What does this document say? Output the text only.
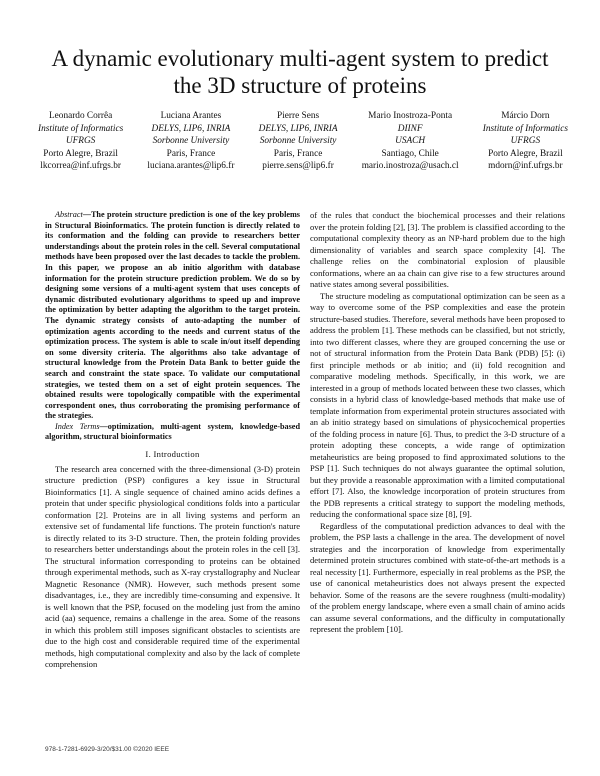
A dynamic evolutionary multi-agent system to predict the 3D structure of proteins
Leonardo Corrêa
Institute of Informatics
UFRGS
Porto Alegre, Brazil
lkcorrea@inf.ufrgs.br
Luciana Arantes
DELYS, LIP6, INRIA
Sorbonne University
Paris, France
luciana.arantes@lip6.fr
Pierre Sens
DELYS, LIP6, INRIA
Sorbonne University
Paris, France
pierre.sens@lip6.fr
Mario Inostroza-Ponta
DIINF
USACH
Santiago, Chile
mario.inostroza@usach.cl
Márcio Dorn
Institute of Informatics
UFRGS
Porto Alegre, Brazil
mdorn@inf.ufrgs.br

Abstract—The protein structure prediction is one of the key problems in Structural Bioinformatics. The protein function is directly related to its conformation and the folding can provide to researchers better understandings about the protein roles in the cell. Several computational methods have been proposed over the last decades to tackle the problem. In this paper, we propose an ab initio algorithm with database information for the protein structure prediction problem. We do so by designing some versions of a multi-agent system that uses concepts of dynamic distributed evolutionary algorithms to speed up and improve the optimization by better adapting the algorithm to the target protein. The dynamic strategy consists of auto-adapting the number of optimization agents according to the needs and current status of the optimization process. The system is able to scale in/out itself depending on some diversity criteria. The algorithms also take advantage of structural knowledge from the Protein Data Bank to better guide the search and constraint the state space. To validate our computational strategies, we tested them on a set of eight protein sequences. The obtained results were topologically compatible with the experimental correspondent ones, thus corroborating the promising performance of the strategies.

Index Terms—optimization, multi-agent system, knowledge-based algorithm, structural bioinformatics

I. Introduction

The research area concerned with the three-dimensional (3-D) protein structure prediction (PSP) configures a key issue in Structural Bioinformatics [1]. A single sequence of chained amino acids defines a protein that under specific physiological conditions folds into a particular conformation [2]. Proteins are in all living systems and perform an extensive set of fundamental life functions. The protein function's nature is directly related to its 3-D structure. Then, the protein folding provides to researchers better understandings about the protein roles in the cell [3]. The structural information corresponding to proteins can be obtained through experimental methods, such as X-ray crystallography and Nuclear Magnetic Resonance (NMR). However, such methods present some disadvantages, i.e., they are incredibly time-consuming and expensive. It is well known that the PSP, focused on the modeling just from the amino acid (aa) sequence, remains a challenge in the area. Some of the reasons in which this problem still imposes significant obstacles to scientists are due to the high cost and considerable required time of the experimental methods, high computational complexity and also by the lack of complete comprehension

of the rules that conduct the biochemical processes and their relations over the protein folding [2], [3]. The problem is classified according to the computational complexity theory as an NP-hard problem due to the high dimensionality of variables and search space complexity [4]. The challenge relies on the combinatorial explosion of plausible conformations, where an aa chain can give rise to a few structures around native states among several possibilities.

The structure modeling as computational optimization can be seen as a way to overcome some of the PSP complexities and ease the protein structure-based studies. Therefore, several methods have been proposed to address the problem [1]. These methods can be classified, but not strictly, into two different classes, where they are grouped concerning the use or not of structural information from the Protein Data Bank (PDB) [5]: (i) first principle methods or ab initio; and (ii) fold recognition and comparative modeling methods. Specifically, in this work, we are interested in a group of methods located between these two classes, which consists in a hybrid class of knowledge-based methods that make use of template information from experimental protein structures associated with an ab initio strategy based on simulations of physicochemical properties of the folding process in nature [6]. Thus, to predict the 3-D structure of a protein adopting these concepts, a wide range of optimization metaheuristics are being proposed to find approximated solutions to the PSP [1]. Such techniques do not always guarantee the optimal solution, but they provide a reasonable approximation with a limited computational effort [7]. Also, the knowledge incorporation of protein structures from the PDB represents a critical strategy to support the modeling methods, reducing the conformational space size [8], [9].

Regardless of the computational prediction advances to deal with the problem, the PSP lasts a challenge in the area. The development of novel strategies and the incorporation of knowledge from experimentally determined protein structures combined with state-of-the-art methods is a real necessity [1]. Furthermore, especially in real problems as the PSP, the use of canonical metaheuristics does not always present the expected behavior. Some of the reasons are the severe roughness (multi-modality) of the problem energy landscape, where even a small chain of amino acids can assume several conformations, and the difficulty in computationally represent the problem [10].

978-1-7281-6929-3/20/$31.00 ©2020 IEEE
